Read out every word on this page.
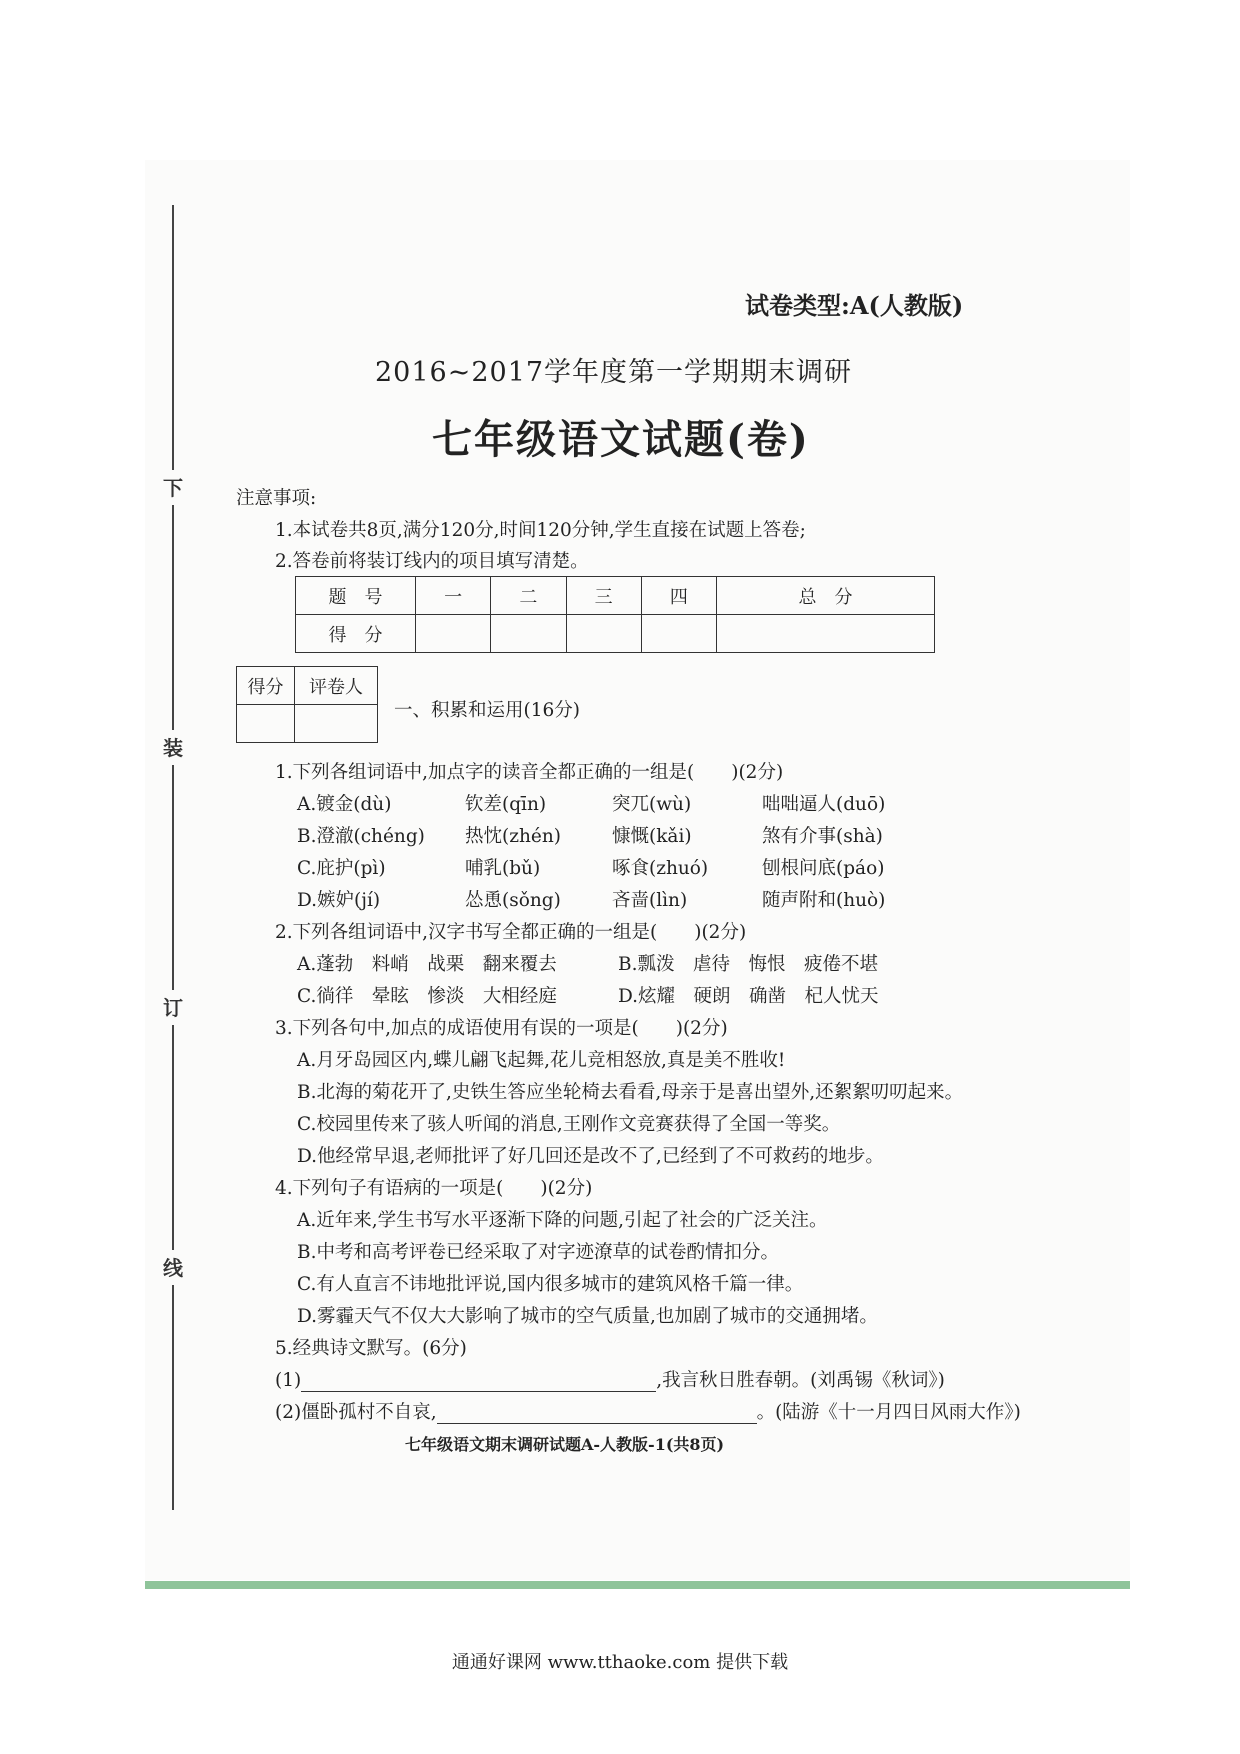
下
装
订
线
试卷类型:A(人教版)
2016~2017学年度第一学期期末调研
七年级语文试题(卷)
注意事项:
1.本试卷共8页,满分120分,时间120分钟,学生直接在试题上答卷;
2.答卷前将装订线内的项目填写清楚。
题　号	一	二	三	四	总　分
得　分					
得分	评卷人

一、积累和运用(16分)
1.下列各组词语中,加点字的读音全都正确的一组是(　　)(2分)
A.镀金(dù)	钦差(qīn)	突兀(wù)	咄咄逼人(duō)
B.澄澈(chéng) 热忱(zhén)	慷慨(kǎi)	煞有介事(shà)
C.庇护(pì)	哺乳(bǔ)	啄食(zhuó)	刨根问底(páo)
D.嫉妒(jí)	怂恿(sǒng)	吝啬(lìn)	随声附和(huò)
2.下列各组词语中,汉字书写全都正确的一组是(　　)(2分)
A.蓬勃　料峭　战栗　翻来覆去	B.瓢泼　虐待　悔恨　疲倦不堪
C.徜徉　晕眩　惨淡　大相经庭	D.炫耀　硬朗　确凿　杞人忧天
3.下列各句中,加点的成语使用有误的一项是(　　)(2分)
A.月牙岛园区内,蝶儿翩飞起舞,花儿竞相怒放,真是美不胜收!
B.北海的菊花开了,史铁生答应坐轮椅去看看,母亲于是喜出望外,还絮絮叨叨起来。
C.校园里传来了骇人听闻的消息,王刚作文竞赛获得了全国一等奖。
D.他经常早退,老师批评了好几回还是改不了,已经到了不可救药的地步。
4.下列句子有语病的一项是(　　)(2分)
A.近年来,学生书写水平逐渐下降的问题,引起了社会的广泛关注。
B.中考和高考评卷已经采取了对字迹潦草的试卷酌情扣分。
C.有人直言不讳地批评说,国内很多城市的建筑风格千篇一律。
D.雾霾天气不仅大大影响了城市的空气质量,也加剧了城市的交通拥堵。
5.经典诗文默写。(6分)
(1)	,我言秋日胜春朝。(刘禹锡《秋词》)
(2)僵卧孤村不自哀,	。(陆游《十一月四日风雨大作》)
七年级语文期末调研试题A-人教版-1(共8页)
通通好课网 www.tthaoke.com 提供下载
